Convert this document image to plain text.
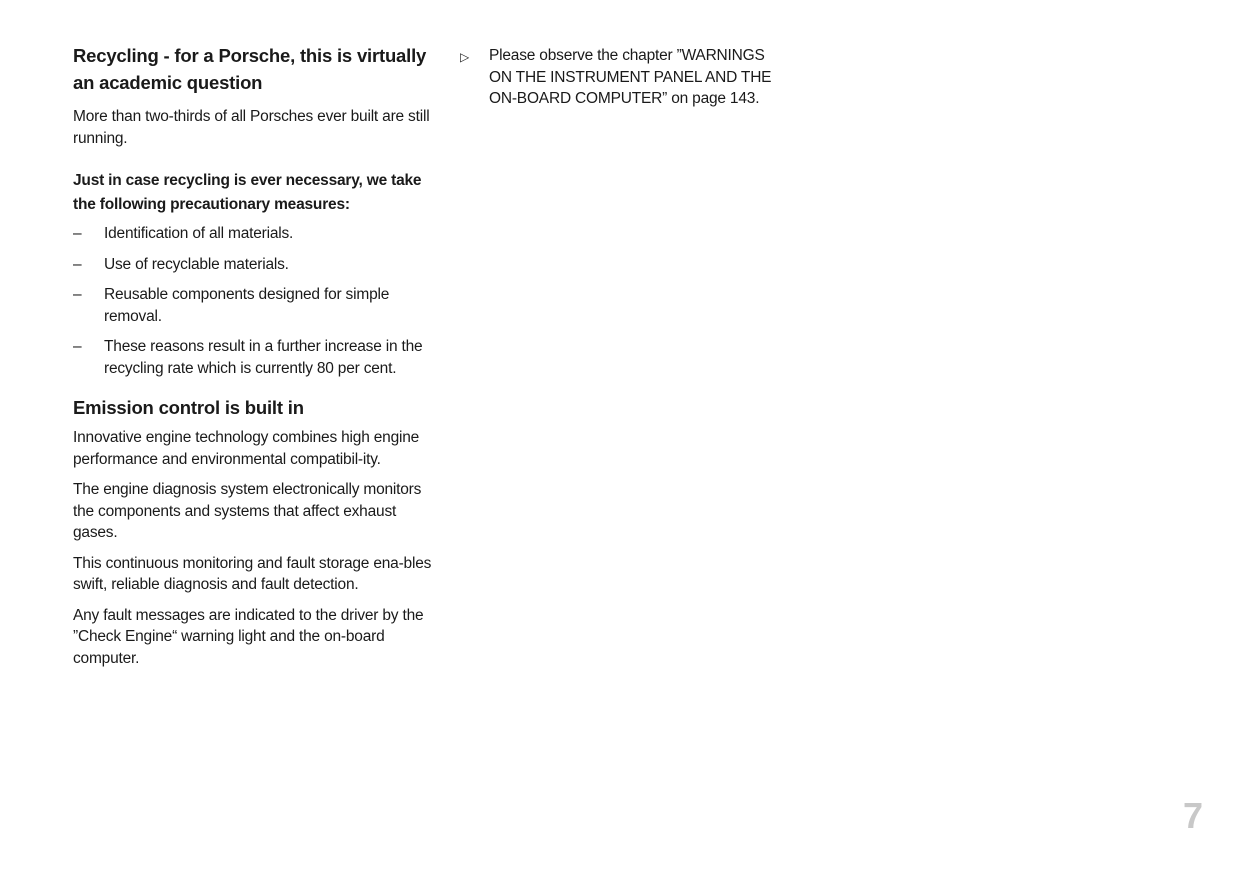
Recycling - for a Porsche, this is virtually an academic question
More than two-thirds of all Porsches ever built are still running.
Just in case recycling is ever necessary, we take the following precautionary measures:
– Identification of all materials.
– Use of recyclable materials.
– Reusable components designed for simple removal.
– These reasons result in a further increase in the recycling rate which is currently 80 per cent.
Emission control is built in
Innovative engine technology combines high engine performance and environmental compatibil-ity.
The engine diagnosis system electronically monitors the components and systems that affect exhaust gases.
This continuous monitoring and fault storage ena-bles swift, reliable diagnosis and fault detection.
Any fault messages are indicated to the driver by the ”Check Engine“ warning light and the on-board computer.
▷ Please observe the chapter ”WARNINGS ON THE INSTRUMENT PANEL AND THE ON-BOARD COMPUTER” on page 143.
7
